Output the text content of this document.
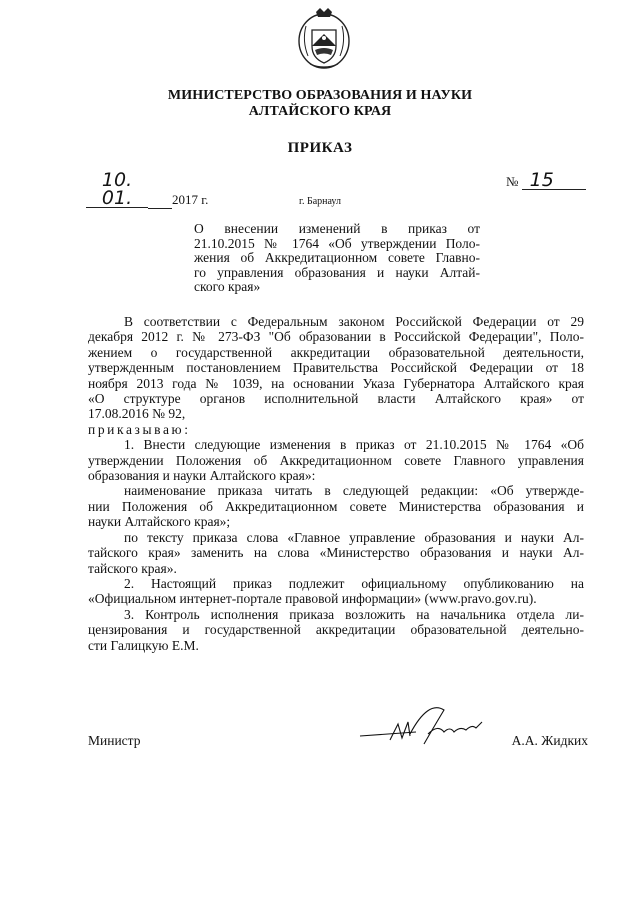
МИНИСТЕРСТВО ОБРАЗОВАНИЯ И НАУКИ
АЛТАЙСКОГО КРАЯ
ПРИКАЗ
10. 01.	2017 г.
№ 15
г. Барнаул
О внесении изменений в приказ от
21.10.2015 № 1764 «Об утверждении Поло-
жения об Аккредитационном совете Главно-
го управления образования и науки Алтай-
ского края»
В соответствии с Федеральным законом Российской Федерации от 29
декабря 2012 г. № 273-ФЗ "Об образовании в Российской Федерации", Поло-
жением о государственной аккредитации образовательной деятельности,
утвержденным постановлением Правительства Российской Федерации от 18
ноября 2013 года № 1039, на основании Указа Губернатора Алтайского края
«О структуре органов исполнительной власти Алтайского края» от
17.08.2016 № 92,
приказываю:
1. Внести следующие изменения в приказ от 21.10.2015 № 1764 «Об
утверждении Положения об Аккредитационном совете Главного управления
образования и науки Алтайского края»:
наименование приказа читать в следующей редакции: «Об утвержде-
нии Положения об Аккредитационном совете Министерства образования и
науки Алтайского края»;
по тексту приказа слова «Главное управление образования и науки Ал-
тайского края» заменить на слова «Министерство образования и науки Ал-
тайского края».
2. Настоящий приказ подлежит официальному опубликованию на
«Официальном интернет-портале правовой информации» (www.pravo.gov.ru).
3. Контроль исполнения приказа возложить на начальника отдела ли-
цензирования и государственной аккредитации образовательной деятельно-
сти Галицкую Е.М.
Министр	А.А. Жидких
